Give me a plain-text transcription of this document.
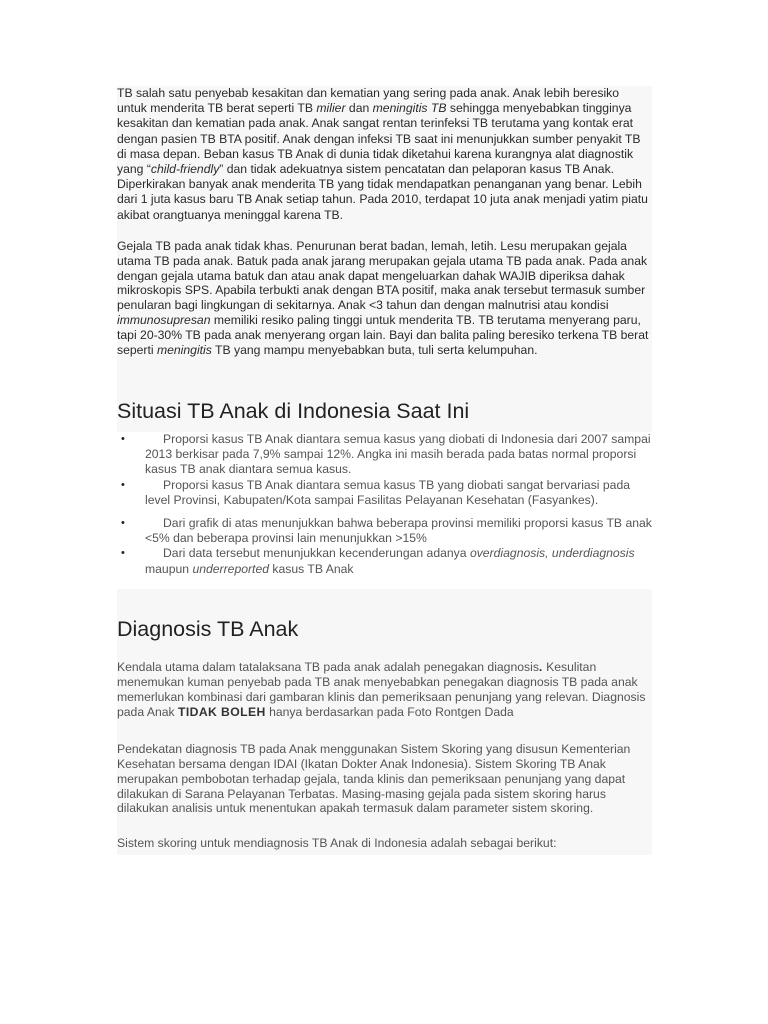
TB salah satu penyebab kesakitan dan kematian yang sering pada anak. Anak lebih beresiko untuk menderita TB berat seperti TB milier dan meningitis TB sehingga menyebabkan tingginya kesakitan dan kematian pada anak. Anak sangat rentan terinfeksi TB terutama yang kontak erat dengan pasien TB BTA positif. Anak dengan infeksi TB saat ini menunjukkan sumber penyakit TB di masa depan. Beban kasus TB Anak di dunia tidak diketahui karena kurangnya alat diagnostik yang “child-friendly” dan tidak adekuatnya sistem pencatatan dan pelaporan kasus TB Anak. Diperkirakan banyak anak menderita TB yang tidak mendapatkan penanganan yang benar. Lebih dari 1 juta kasus baru TB Anak setiap tahun. Pada 2010, terdapat 10 juta anak menjadi yatim piatu akibat orangtuanya meninggal karena TB.

Gejala TB pada anak tidak khas. Penurunan berat badan, lemah, letih. Lesu merupakan gejala utama TB pada anak. Batuk pada anak jarang merupakan gejala utama TB pada anak. Pada anak dengan gejala utama batuk dan atau anak dapat mengeluarkan dahak WAJIB diperiksa dahak mikroskopis SPS. Apabila terbukti anak dengan BTA positif, maka anak tersebut termasuk sumber penularan bagi lingkungan di sekitarnya. Anak <3 tahun dan dengan malnutrisi atau kondisi immunosupresan memiliki resiko paling tinggi untuk menderita TB. TB terutama menyerang paru, tapi 20-30% TB pada anak menyerang organ lain. Bayi dan balita paling beresiko terkena TB berat seperti meningitis TB yang mampu menyebabkan buta, tuli serta kelumpuhan.

Situasi TB Anak di Indonesia Saat Ini
•	Proporsi kasus TB Anak diantara semua kasus yang diobati di Indonesia dari 2007 sampai 2013 berkisar pada 7,9% sampai 12%. Angka ini masih berada pada batas normal proporsi kasus TB anak diantara semua kasus.
•	Proporsi kasus TB Anak diantara semua kasus TB yang diobati sangat bervariasi pada level Provinsi, Kabupaten/Kota sampai Fasilitas Pelayanan Kesehatan (Fasyankes).
•	Dari grafik di atas menunjukkan bahwa beberapa provinsi memiliki proporsi kasus TB anak <5% dan beberapa provinsi lain menunjukkan >15%
•	Dari data tersebut menunjukkan kecenderungan adanya overdiagnosis, underdiagnosis maupun underreported kasus TB Anak
Diagnosis TB Anak

Kendala utama dalam tatalaksana TB pada anak adalah penegakan diagnosis. Kesulitan menemukan kuman penyebab pada TB anak menyebabkan penegakan diagnosis TB pada anak memerlukan kombinasi dari gambaran klinis dan pemeriksaan penunjang yang relevan. Diagnosis pada Anak TIDAK BOLEH hanya berdasarkan pada Foto Rontgen Dada

Pendekatan diagnosis TB pada Anak menggunakan Sistem Skoring yang disusun Kementerian Kesehatan bersama dengan IDAI (Ikatan Dokter Anak Indonesia). Sistem Skoring TB Anak merupakan pembobotan terhadap gejala, tanda klinis dan pemeriksaan penunjang yang dapat dilakukan di Sarana Pelayanan Terbatas. Masing-masing gejala pada sistem skoring harus dilakukan analisis untuk menentukan apakah termasuk dalam parameter sistem skoring.

Sistem skoring untuk mendiagnosis TB Anak di Indonesia adalah sebagai berikut:
